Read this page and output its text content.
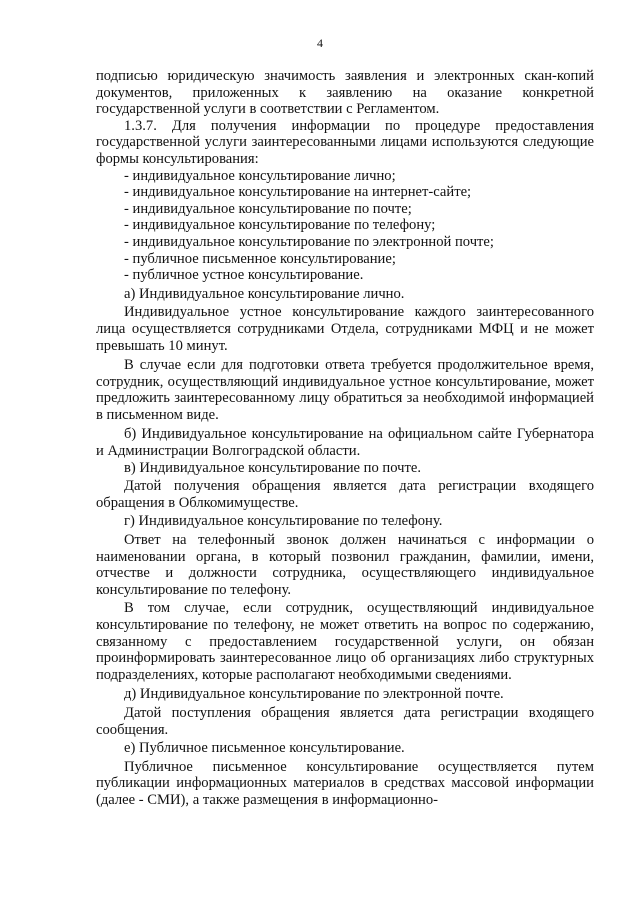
4

подписью юридическую значимость заявления и электронных скан-копий документов, приложенных к заявлению на оказание конкретной государственной услуги в соответствии с Регламентом.

1.3.7. Для получения информации по процедуре предоставления государственной услуги заинтересованными лицами используются следующие формы консультирования:

- индивидуальное консультирование лично;
- индивидуальное консультирование на интернет-сайте;
- индивидуальное консультирование по почте;
- индивидуальное консультирование по телефону;
- индивидуальное консультирование по электронной почте;
- публичное письменное консультирование;
- публичное устное консультирование.

а) Индивидуальное консультирование лично.

Индивидуальное устное консультирование каждого заинтересованного лица осуществляется сотрудниками Отдела, сотрудниками МФЦ и не может превышать 10 минут.

В случае если для подготовки ответа требуется продолжительное время, сотрудник, осуществляющий индивидуальное устное консультирование, может предложить заинтересованному лицу обратиться за необходимой информацией в письменном виде.

б) Индивидуальное консультирование на официальном сайте Губернатора и Администрации Волгоградской области.

в) Индивидуальное консультирование по почте.

Датой получения обращения является дата регистрации входящего обращения в Облкомимуществе.

г) Индивидуальное консультирование по телефону.

Ответ на телефонный звонок должен начинаться с информации о наименовании органа, в который позвонил гражданин, фамилии, имени, отчестве и должности сотрудника, осуществляющего индивидуальное консультирование по телефону.

В том случае, если сотрудник, осуществляющий индивидуальное консультирование по телефону, не может ответить на вопрос по содержанию, связанному с предоставлением государственной услуги, он обязан проинформировать заинтересованное лицо об организациях либо структурных подразделениях, которые располагают необходимыми сведениями.

д) Индивидуальное консультирование по электронной почте.

Датой поступления обращения является дата регистрации входящего сообщения.

е) Публичное письменное консультирование.

Публичное письменное консультирование осуществляется путем публикации информационных материалов в средствах массовой информации (далее - СМИ), а также размещения в информационно-
